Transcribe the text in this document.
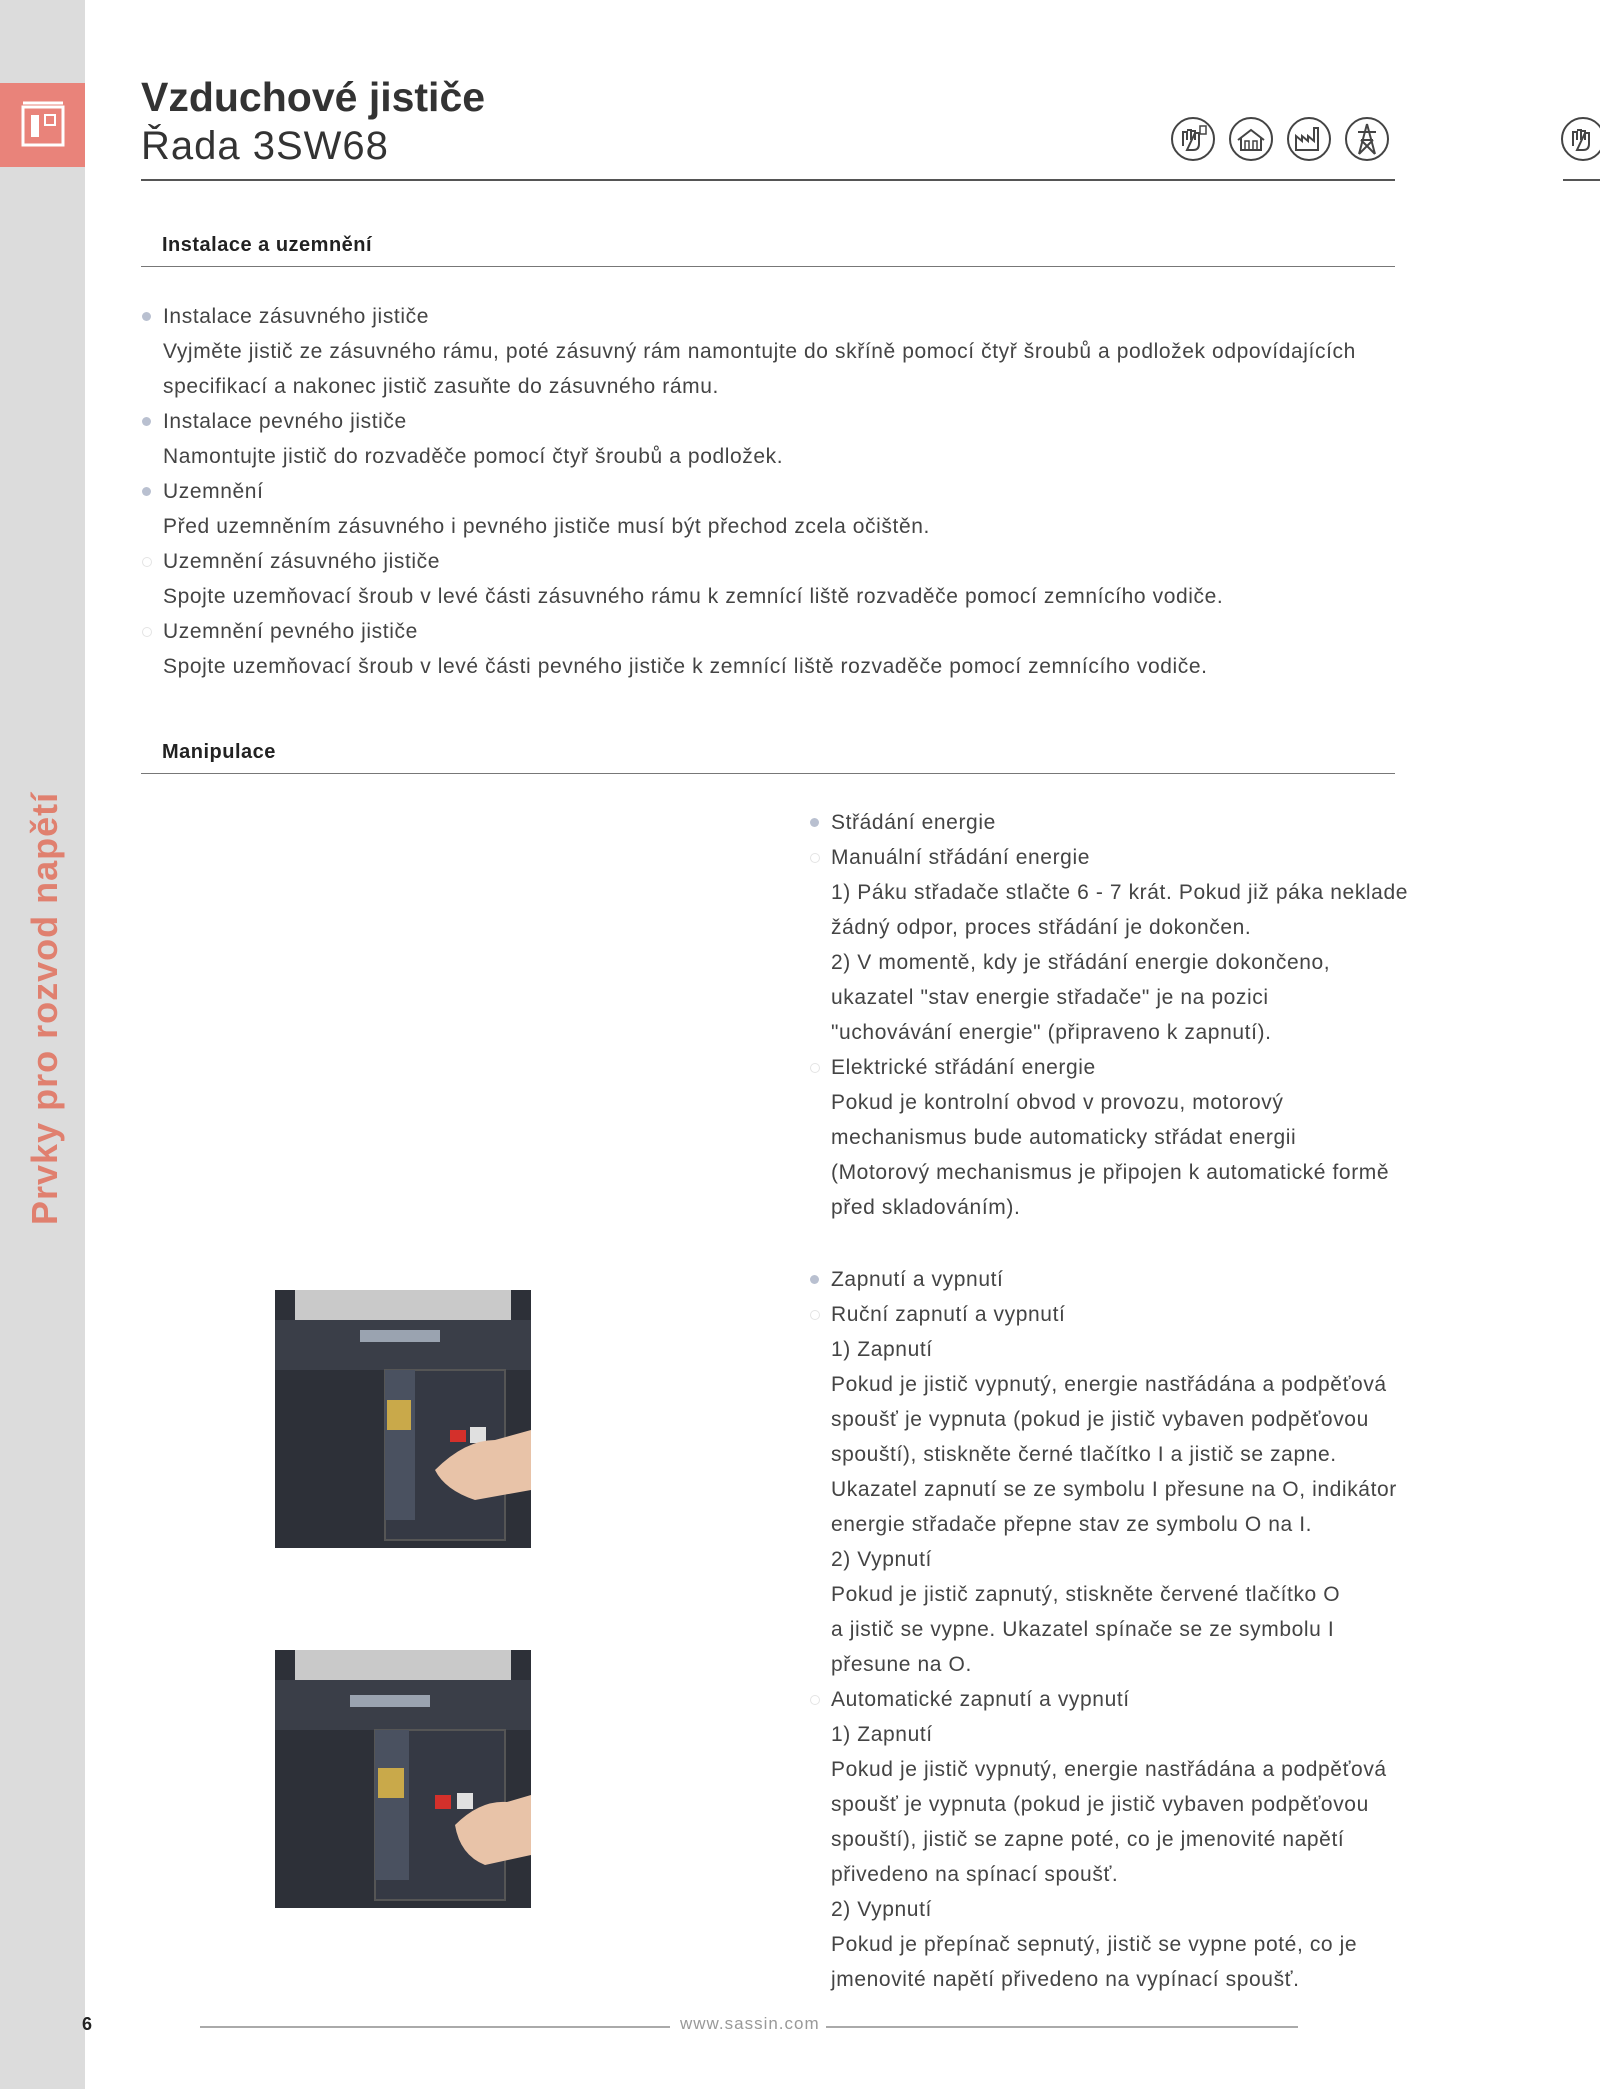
Prvky pro rozvod napětí
Vzduchové jističe
Řada 3SW68
Instalace a uzemnění
Instalace zásuvného jističe
Vyjměte jistič ze zásuvného rámu, poté zásuvný rám namontujte do skříně pomocí čtyř šroubů a podložek odpovídajících
specifikací a nakonec jistič zasuňte do zásuvného rámu.
Instalace pevného jističe
Namontujte jistič do rozvaděče pomocí čtyř šroubů a podložek.
Uzemnění
Před uzemněním zásuvného i pevného jističe musí být přechod zcela očištěn.
Uzemnění zásuvného jističe
Spojte uzemňovací šroub v levé části zásuvného rámu k zemnící liště rozvaděče pomocí zemnícího vodiče.
Uzemnění pevného jističe
Spojte uzemňovací šroub v levé části pevného jističe k zemnící liště rozvaděče pomocí zemnícího vodiče.
Manipulace
Střádání energie
Manuální střádání energie
1) Páku střadače stlačte 6 - 7 krát. Pokud již páka neklade
žádný odpor, proces střádání je dokončen.
2) V momentě, kdy je střádání energie dokončeno,
ukazatel "stav energie střadače" je na pozici
"uchovávání energie" (připraveno k zapnutí).
Elektrické střádání energie
Pokud je kontrolní obvod v provozu, motorový
mechanismus bude automaticky střádat energii
(Motorový mechanismus je připojen k automatické formě
před skladováním).
Zapnutí a vypnutí
Ruční zapnutí a vypnutí
1) Zapnutí
Pokud je jistič vypnutý, energie nastřádána a podpěťová
spoušť je vypnuta (pokud je jistič vybaven podpěťovou
spouští), stiskněte černé tlačítko I a jistič se zapne.
Ukazatel zapnutí se ze symbolu I přesune na O, indikátor
energie střadače přepne stav ze symbolu O na I.
2) Vypnutí
Pokud je jistič zapnutý, stiskněte červené tlačítko O
a jistič se vypne. Ukazatel spínače se ze symbolu I
přesune na O.
Automatické zapnutí a vypnutí
1) Zapnutí
Pokud je jistič vypnutý, energie nastřádána a podpěťová
spoušť je vypnuta (pokud je jistič vybaven podpěťovou
spouští), jistič se zapne poté, co je jmenovité napětí
přivedeno na spínací spoušť.
2) Vypnutí
Pokud je přepínač sepnutý, jistič se vypne poté, co je
jmenovité napětí přivedeno na vypínací spoušť.
6	www.sassin.com
